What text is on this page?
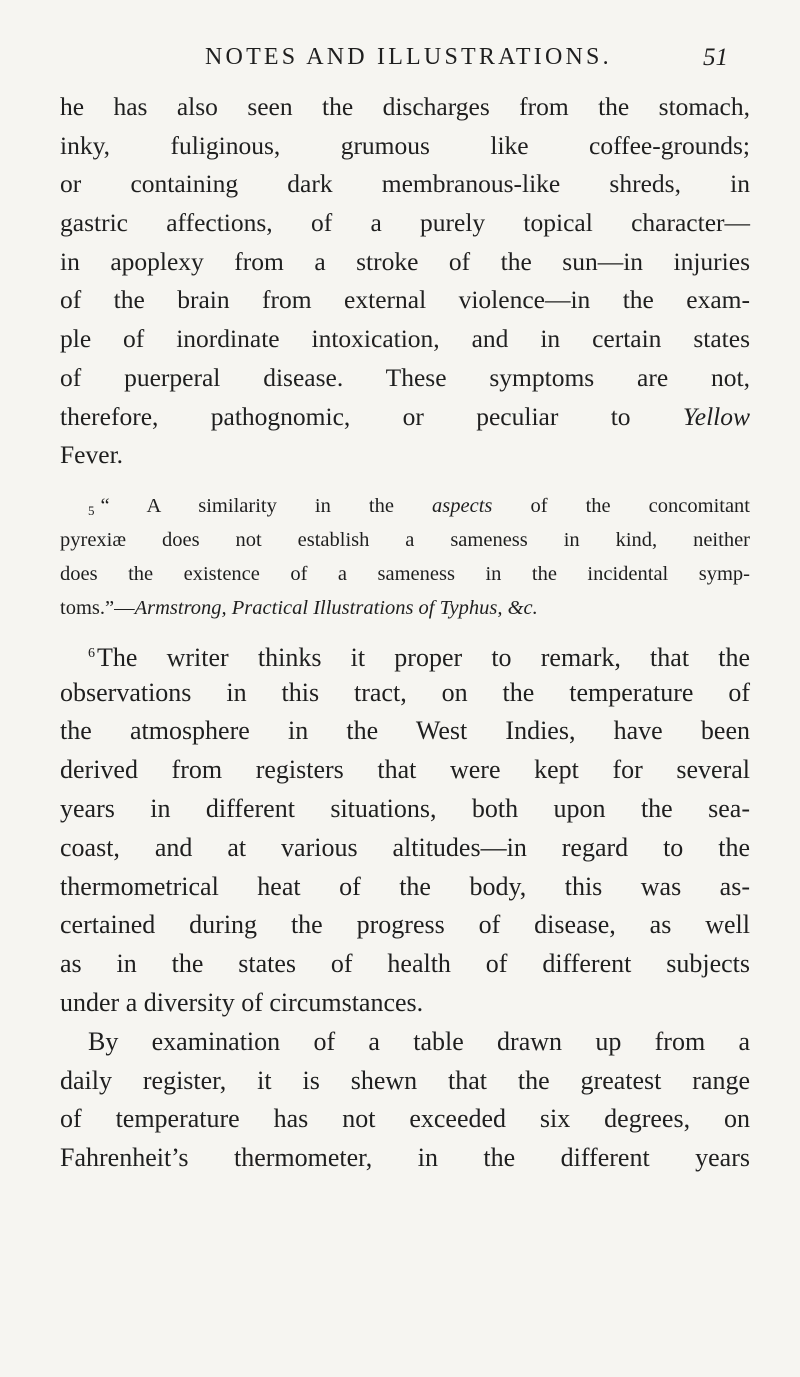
NOTES AND ILLUSTRATIONS.	51
he has also seen the discharges from the stomach,
inky, fuliginous, grumous like coffee-grounds;
or containing dark membranous-like shreds, in
gastric affections, of a purely topical character—
in apoplexy from a stroke of the sun—in injuries
of the brain from external violence—in the exam-
ple of inordinate intoxication, and in certain states
of puerperal disease. These symptoms are not,
therefore, pathognomic, or peculiar to Yellow
Fever.
5 “ A similarity in the aspects of the concomitant
pyrexiæ does not establish a sameness in kind, neither
does the existence of a sameness in the incidental symp-
toms.”—Armstrong, Practical Illustrations of Typhus, &c.
$^6$The writer thinks it proper to remark, that the
observations in this tract, on the temperature of
the atmosphere in the West Indies, have been
derived from registers that were kept for several
years in different situations, both upon the sea-
coast, and at various altitudes—in regard to the
thermometrical heat of the body, this was as-
certained during the progress of disease, as well
as in the states of health of different subjects
under a diversity of circumstances.
By examination of a table drawn up from a
daily register, it is shewn that the greatest range
of temperature has not exceeded six degrees, on
Fahrenheit’s thermometer, in the different years
